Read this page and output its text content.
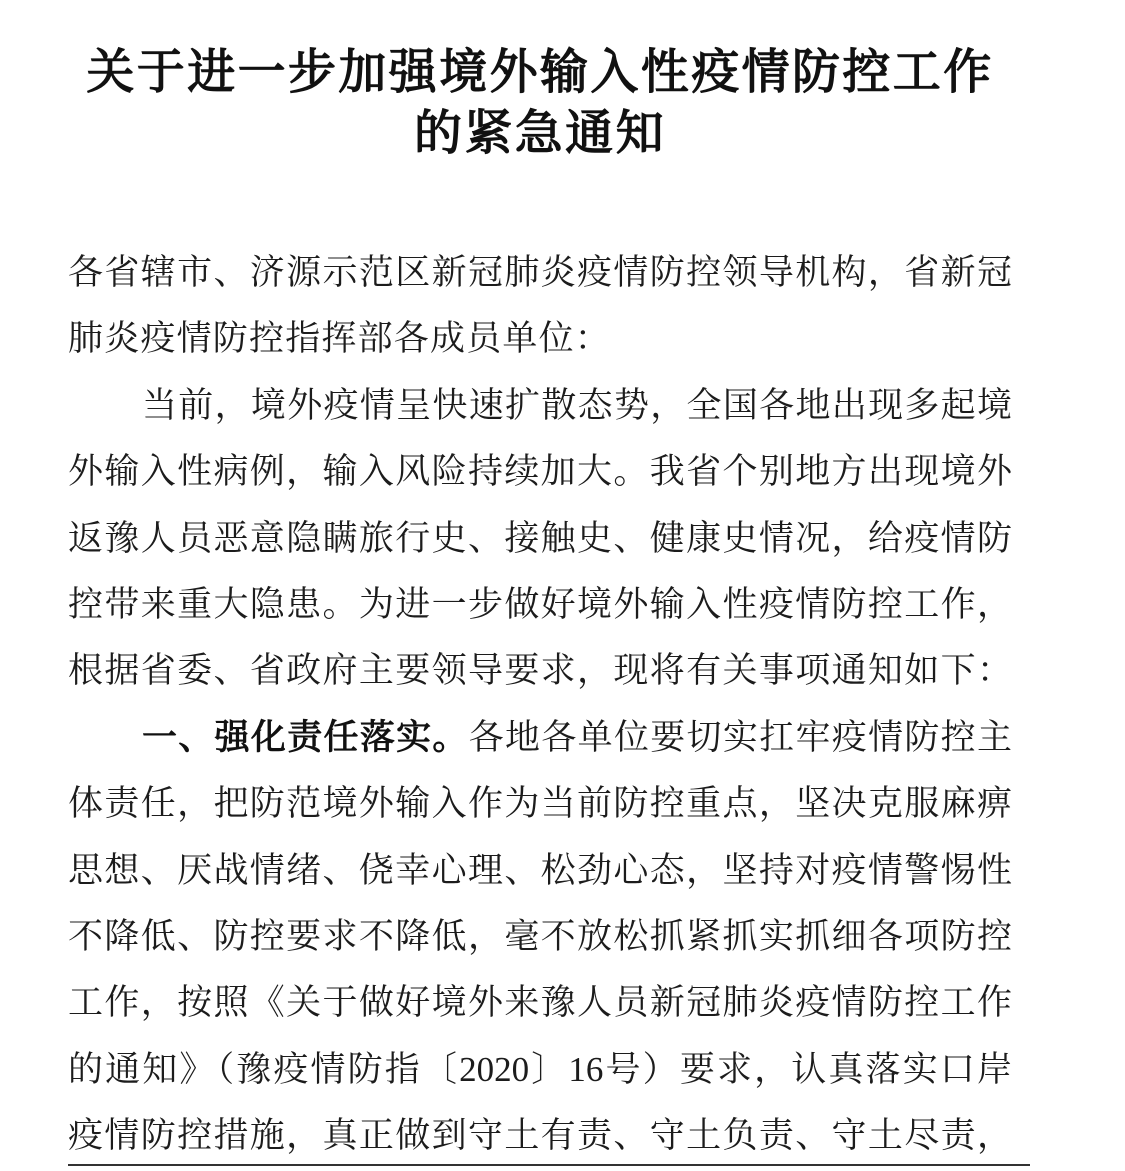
关于进一步加强境外输入性疫情防控工作
的紧急通知
各省辖市、济源示范区新冠肺炎疫情防控领导机构，省新冠
肺炎疫情防控指挥部各成员单位：
当前，境外疫情呈快速扩散态势，全国各地出现多起境
外输入性病例，输入风险持续加大。我省个别地方出现境外
返豫人员恶意隐瞒旅行史、接触史、健康史情况，给疫情防
控带来重大隐患。为进一步做好境外输入性疫情防控工作，
根据省委、省政府主要领导要求，现将有关事项通知如下：
一、强化责任落实。各地各单位要切实扛牢疫情防控主
体责任，把防范境外输入作为当前防控重点，坚决克服麻痹
思想、厌战情绪、侥幸心理、松劲心态，坚持对疫情警惕性
不降低、防控要求不降低，毫不放松抓紧抓实抓细各项防控
工作，按照《关于做好境外来豫人员新冠肺炎疫情防控工作
的通知》（豫疫情防指〔2020〕16号）要求，认真落实口岸
疫情防控措施，真正做到守土有责、守土负责、守土尽责，
